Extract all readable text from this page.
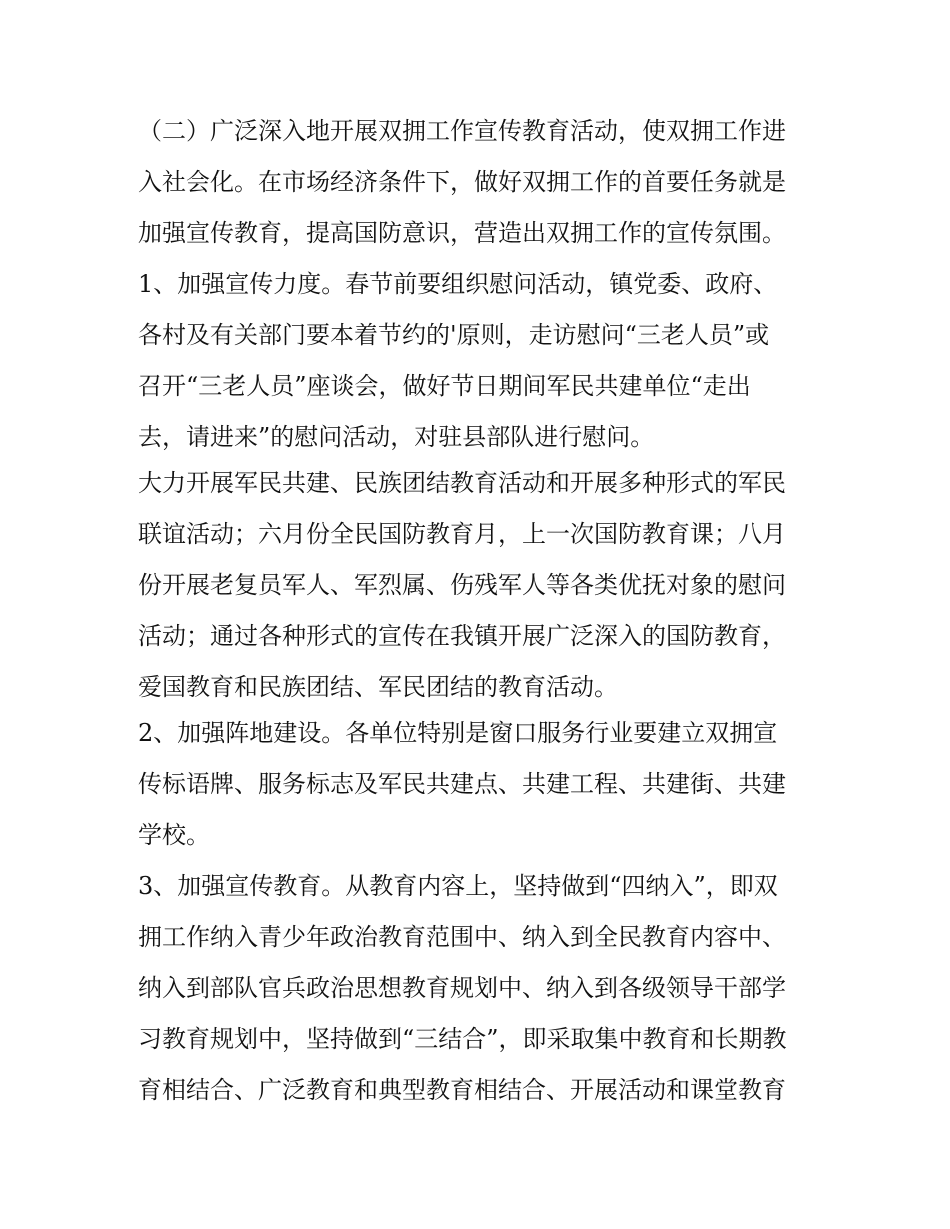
（二）广泛深入地开展双拥工作宣传教育活动，使双拥工作进
入社会化。在市场经济条件下，做好双拥工作的首要任务就是
加强宣传教育，提高国防意识，营造出双拥工作的宣传氛围。
1、加强宣传力度。春节前要组织慰问活动，镇党委、政府、
各村及有关部门要本着节约的'原则，走访慰问“三老人员”或
召开“三老人员”座谈会，做好节日期间军民共建单位“走出
去，请进来”的慰问活动，对驻县部队进行慰问。
大力开展军民共建、民族团结教育活动和开展多种形式的军民
联谊活动；六月份全民国防教育月，上一次国防教育课；八月
份开展老复员军人、军烈属、伤残军人等各类优抚对象的慰问
活动；通过各种形式的宣传在我镇开展广泛深入的国防教育，
爱国教育和民族团结、军民团结的教育活动。
2、加强阵地建设。各单位特别是窗口服务行业要建立双拥宣
传标语牌、服务标志及军民共建点、共建工程、共建街、共建
学校。
3、加强宣传教育。从教育内容上，坚持做到“四纳入”，即双
拥工作纳入青少年政治教育范围中、纳入到全民教育内容中、
纳入到部队官兵政治思想教育规划中、纳入到各级领导干部学
习教育规划中，坚持做到“三结合”，即采取集中教育和长期教
育相结合、广泛教育和典型教育相结合、开展活动和课堂教育
